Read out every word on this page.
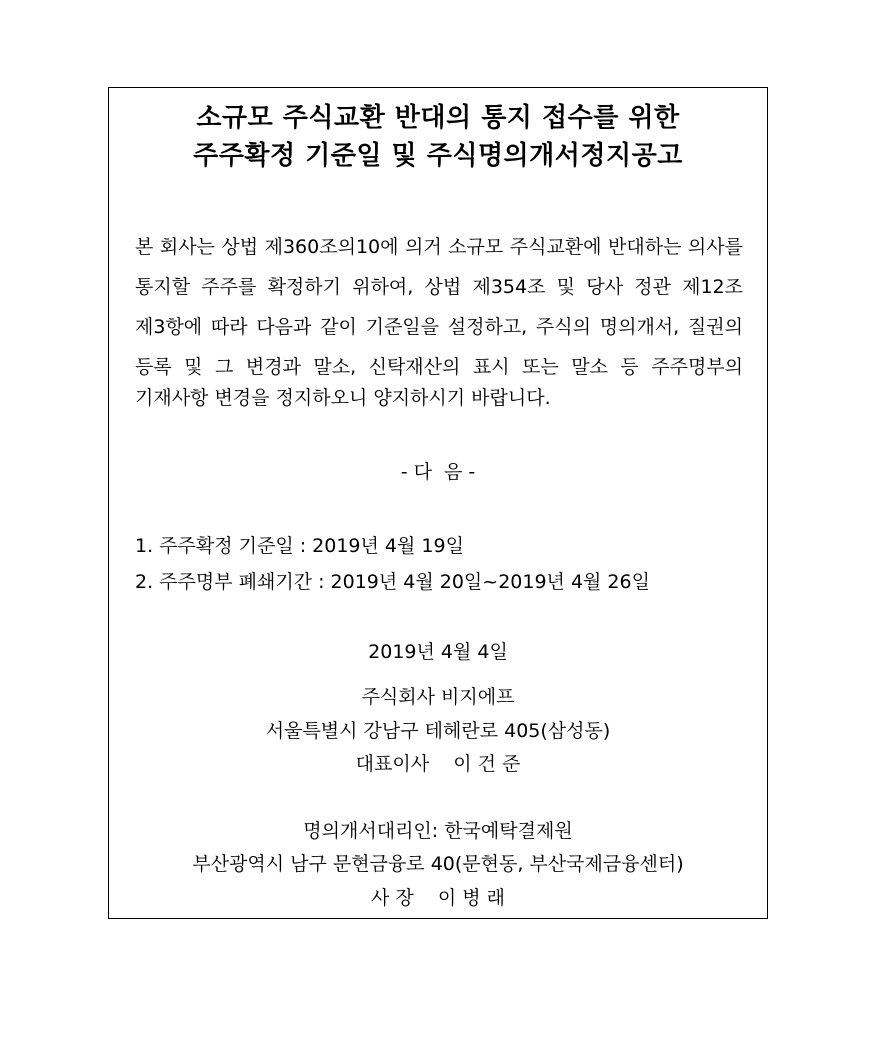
소규모 주식교환 반대의 통지 접수를 위한
주주확정 기준일 및 주식명의개서정지공고
본 회사는 상법 제360조의10에 의거 소규모 주식교환에 반대하는 의사를
통지할 주주를 확정하기 위하여, 상법 제354조 및 당사 정관 제12조
제3항에 따라 다음과 같이 기준일을 설정하고, 주식의 명의개서, 질권의
등록 및 그 변경과 말소, 신탁재산의 표시 또는 말소 등 주주명부의
기재사항 변경을 정지하오니 양지하시기 바랍니다.
- 다  음 -
1. 주주확정 기준일 : 2019년 4월 19일
2. 주주명부 폐쇄기간 : 2019년 4월 20일~2019년 4월 26일
2019년 4월 4일
주식회사 비지에프
서울특별시 강남구 테헤란로 405(삼성동)
대표이사    이 건 준
명의개서대리인: 한국예탁결제원
부산광역시 남구 문현금융로 40(문현동, 부산국제금융센터)
사 장    이 병 래
